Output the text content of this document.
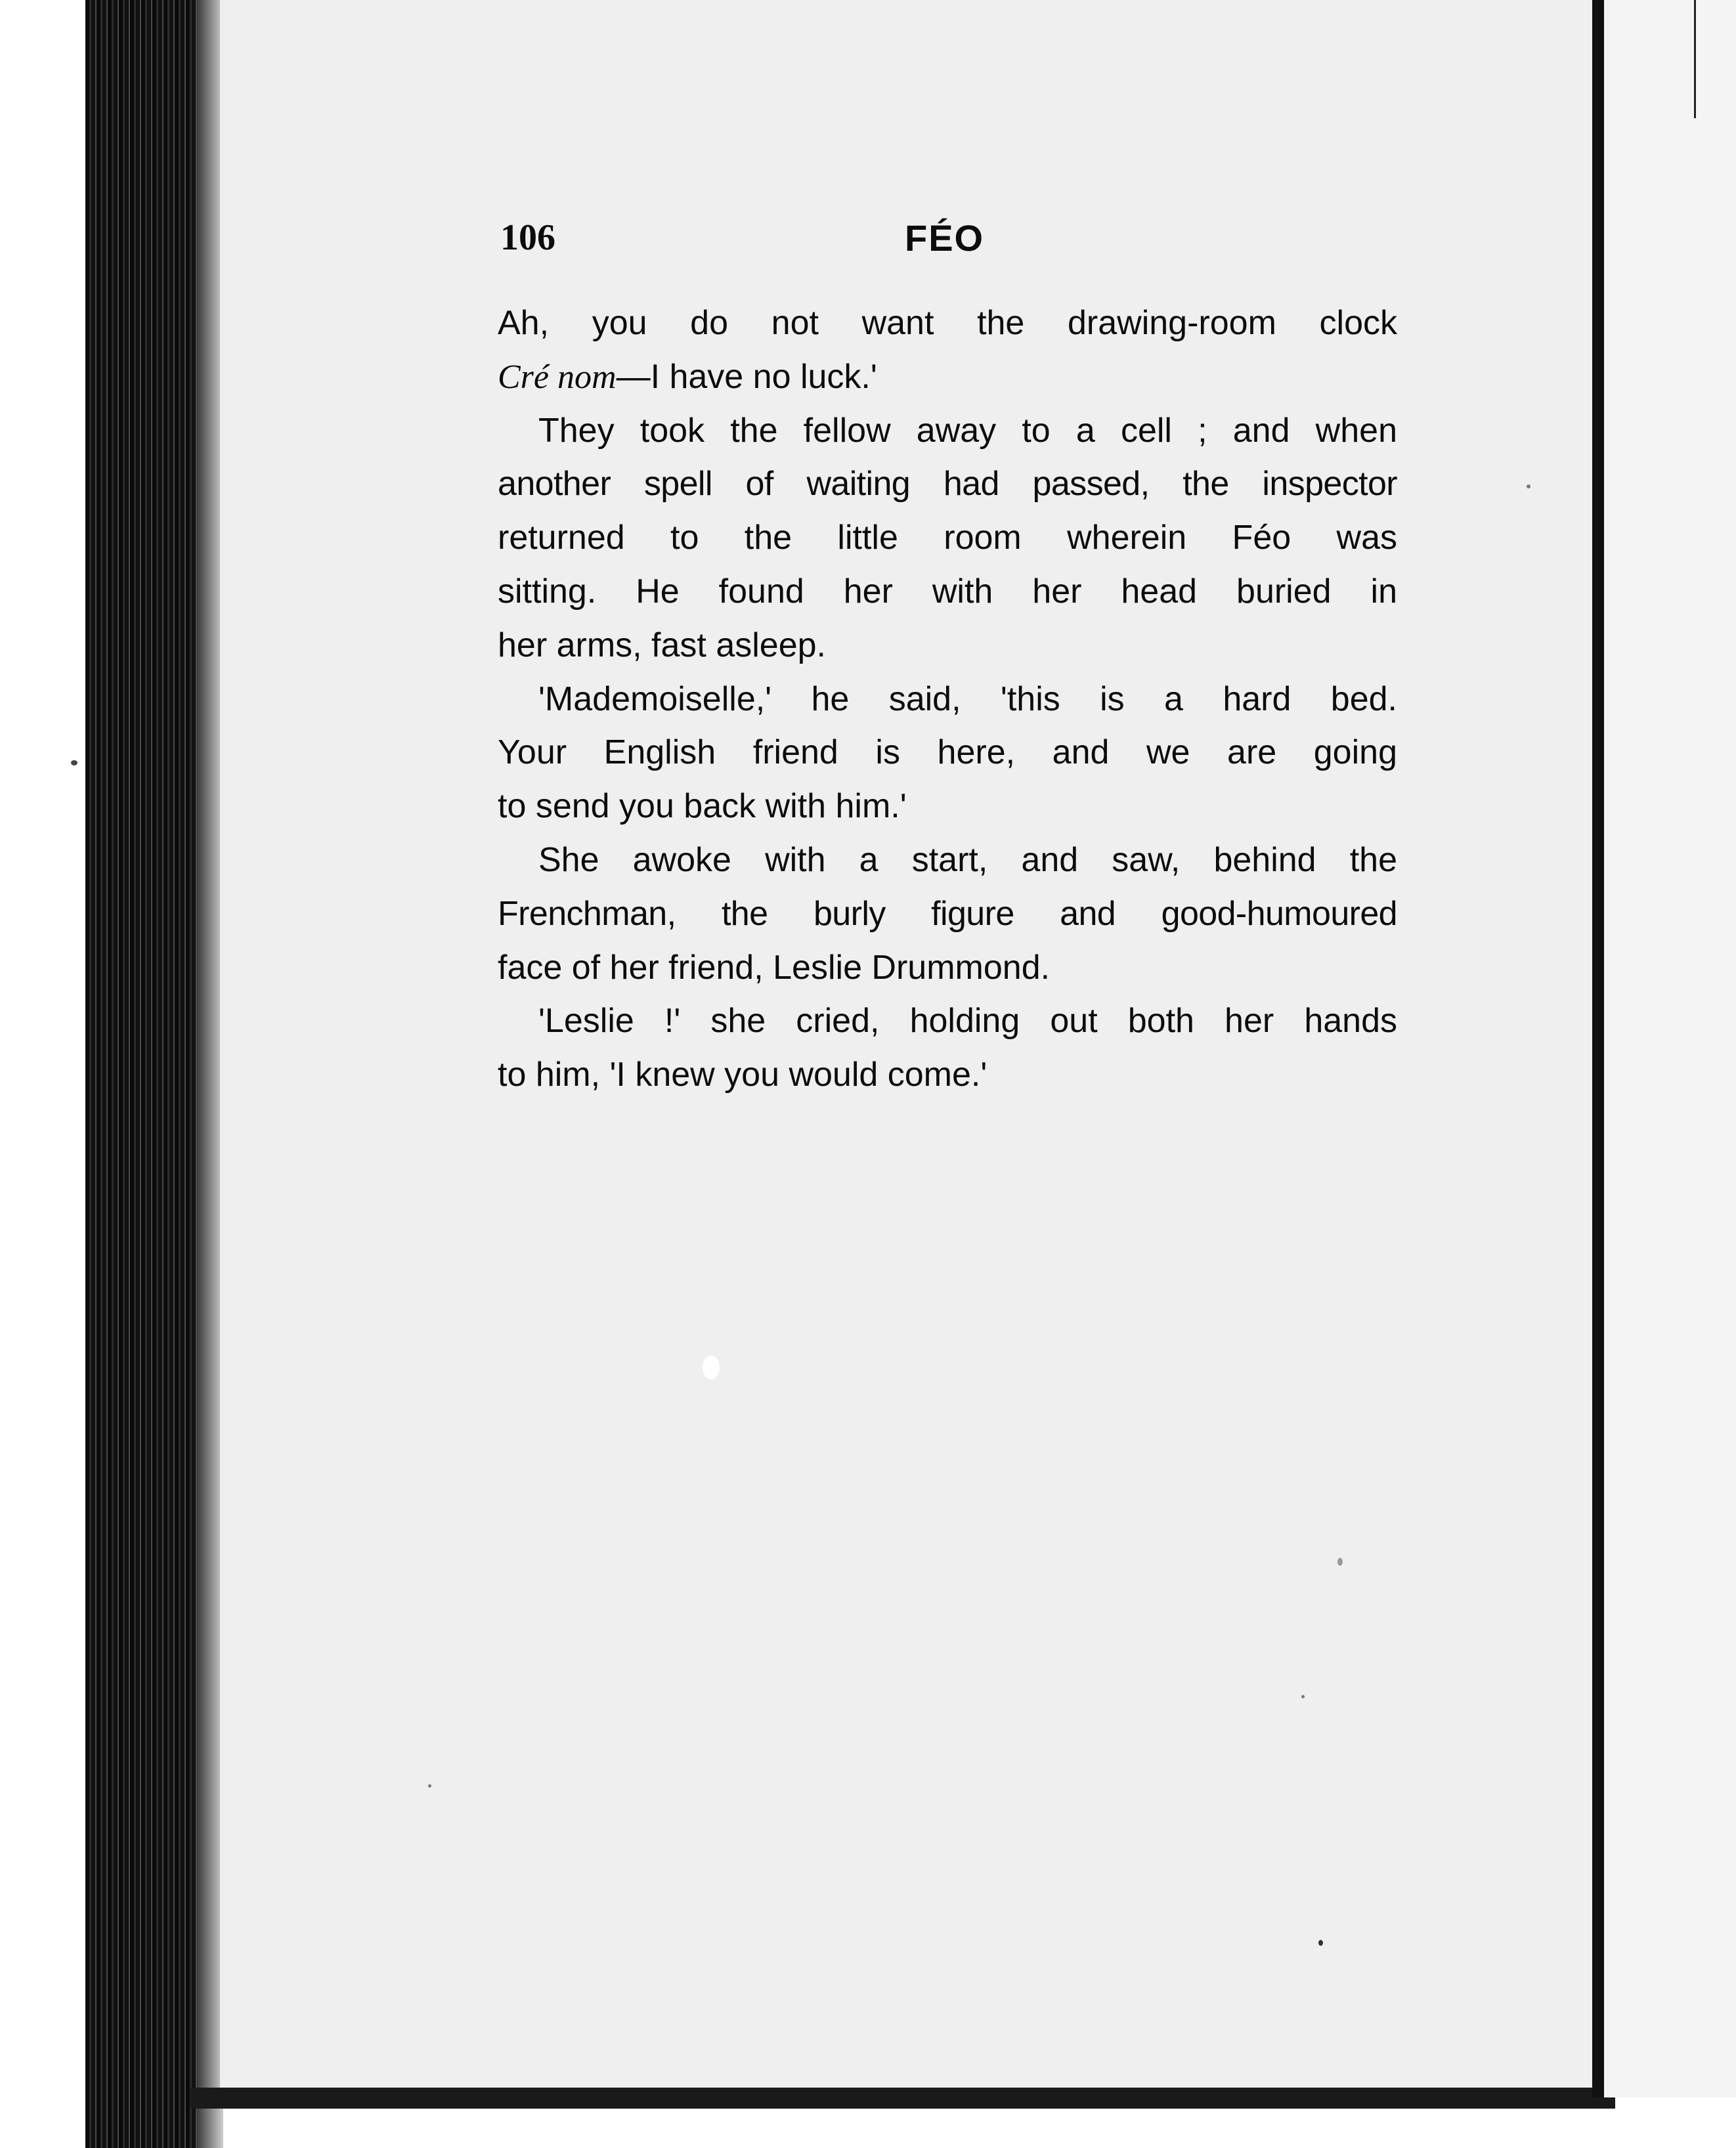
106	FÉO
Ah, you do not want the drawing-room clock
Cré nom—I have no luck.'
They took the fellow away to a cell ; and when
another spell of waiting had passed, the inspector
returned to the little room wherein Féo was
sitting. He found her with her head buried in
her arms, fast asleep.
'Mademoiselle,' he said, 'this is a hard bed.
Your English friend is here, and we are going
to send you back with him.'
She awoke with a start, and saw, behind the
Frenchman, the burly figure and good-humoured
face of her friend, Leslie Drummond.
'Leslie !' she cried, holding out both her hands
to him, 'I knew you would come.'
